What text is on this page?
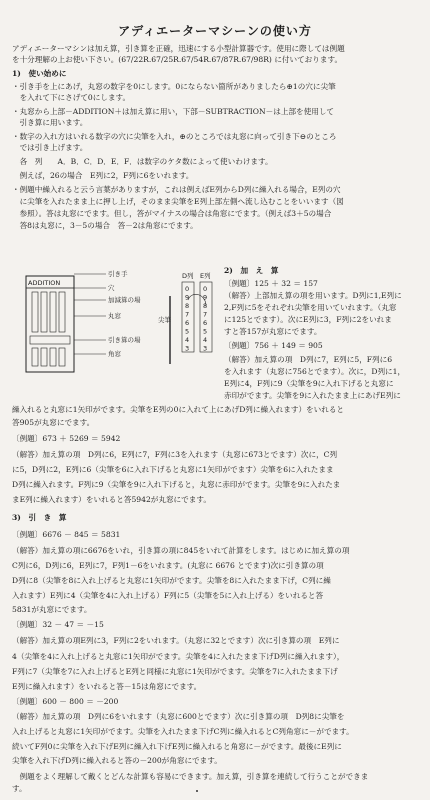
アディエーターマシーンの使い方
アディエーターマシンは加え算，引き算を正確，迅速にする小型計算器です。使用に際しては例題
を十分理解の上お使い下さい。(67/22R.67/25R.67/54R.67/87R.67/98R) に付いております。
1)　使い始めに
・引き手を上にあげ，丸窓の数字を0にします。0にならない箇所がありましたら⊕1の穴に尖筆
　を入れて下にさげて0にします。
・丸窓から上部－ADDITION＋は加え算に用い，下部－SUBTRACTION－は上部を使用して
　引き算に用います。
・数字の入れ方はいれる数字の穴に尖筆を入れ，⊕のところでは丸窓に向って引き下⊖のところ
　では引き上げます。
　各　列　　A．B．C．D．E．F．は数字のケタ数によって使いわけます。
　例えば，26の場合　E列に2，F列に6をいれます。
・例題中繰入れると云う言葉がありますが，これは例えばE列からD列に繰入れる場合，E列の穴
　に尖筆を入れたまま上に押し上げ，そのまま尖筆をE列上部左側へ流し込むことをいいます（図
　参照）。答は丸窓にでます。但し，答がマイナスの場合は角窓にでます。（例えば3＋5の場合
　答8は丸窓に，3－5の場合　答－2は角窓にでます。
ADDITION
引き手
穴
加減算の場
丸窓
引き算の場
角窓
D列 E列
0
9
8
7
6
5
4
3
0
9
8
7
6
5
4
3
尖筆
2)　加　え　算
〔例題〕125 ＋ 32 ＝ 157
（解答）上部加え算の項を用います。D列に1,E列に
2,F列に5をそれぞれ尖筆を用いていれます。（丸窓
に125とでます）。次にE列に3，F列に2をいれま
すと答157が丸窓にでます。
〔例題〕756 ＋ 149 ＝ 905
（解答）加え算の項　D列に7，E列に5，F列に6
を入れます（丸窓に756とでます）。次に，D列に1，
E列に4，F列に9（尖筆を9に入れ下げると丸窓に
赤印がでます。尖筆を9に入れたまま上にあげE列に
繰入れると丸窓に1矢印がでます。尖筆をE列の0に入れて上にあげD列に繰入れます）をいれると
答905が丸窓にでます。
〔例題〕673 ＋ 5269 ＝ 5942
（解答）加え算の項　D列に6，E列に7，F列に3を入れます（丸窓に673とでます）次に，C列
に5，D列に2，E列に6（尖筆を6に入れ下げると丸窓に1矢印がでます）尖筆を6に入れたまま
D列に繰入れます。F列に9（尖筆を9に入れ下げると，丸窓に赤印がでます。尖筆を9に入れたま
まE列に繰入れます）をいれると答5942が丸窓にでます。
3)　引　き　算
〔例題〕6676 － 845 ＝ 5831
（解答）加え算の項に6676をいれ，引き算の項に845をいれて計算をします。はじめに加え算の項
C列に6，D列に6，E列に7，F列1－6をいれます。(丸窓に 6676 とでます)次に引き算の項
D列に8（尖筆を8に入れ上げると丸窓に1矢印がでます。尖筆を8に入れたまま下げ，C列に繰
入れます）E列に4（尖筆を4に入れ上げる）F列に5（尖筆を5に入れ上げる）をいれると答
5831が丸窓にでます。
〔例題〕32 － 47 ＝ －15
（解答）加え算の項E列に3，F列に2をいれます。（丸窓に32とでます）次に引き算の項　E列に
4（尖筆を4に入れ上げると丸窓に1矢印がでます。尖筆を4に入れたまま下げD列に繰入れます），
F列に7（尖筆を7に入れ上げるとE列と同様に丸窓に1矢印がでます。尖筆を7に入れたまま下げ
E列に繰入れます）をいれると答－15は角窓にでます。
〔例題〕600 － 800 ＝ －200
（解答）加え算の項　D列に6をいれます（丸窓に600とでます）次に引き算の項　D列8に尖筆を
入れ上げると丸窓に1矢印がでます。尖筆を入れたまま下げC列に繰入れるとC列角窓に－がでます。
続いてF列0に尖筆を入れ下げE列に繰入れ下げE列に繰入れると角窓に－がでます。最後にE列に
尖筆を入れ下げD列に繰入れると答の－200が角窓にでます。
　例題をよく理解して戴くとどんな計算も容易にできます。加え算，引き算を連続して行うことができま
す。
